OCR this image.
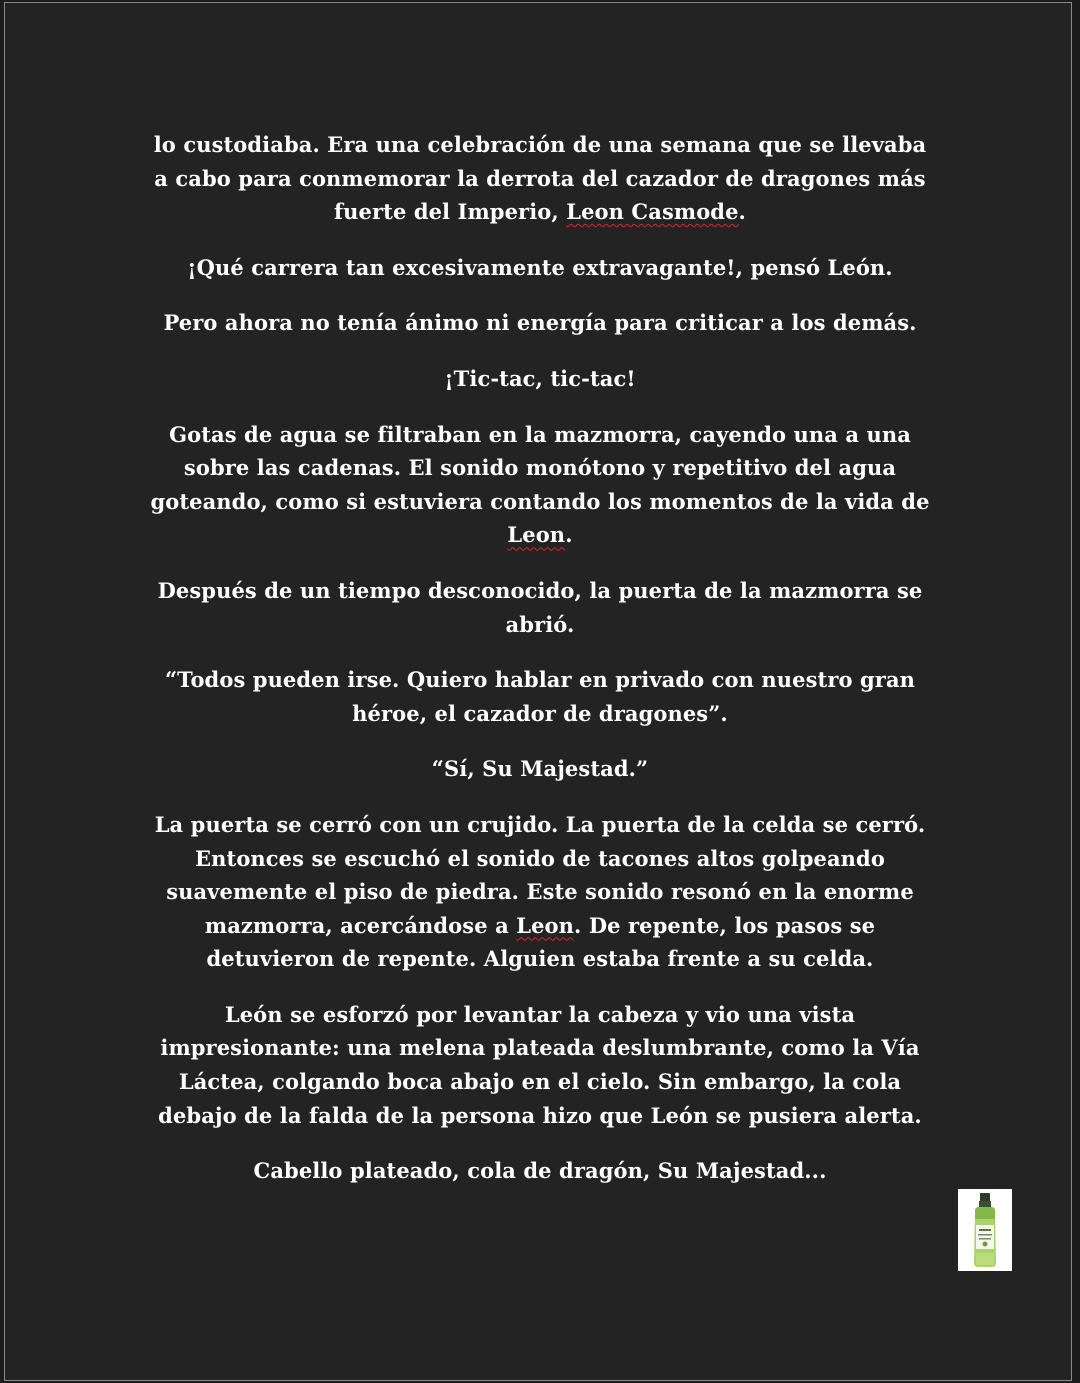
lo custodiaba. Era una celebración de una semana que se llevaba a cabo para conmemorar la derrota del cazador de dragones más fuerte del Imperio, Leon Casmode.

¡Qué carrera tan excesivamente extravagante!, pensó León.

Pero ahora no tenía ánimo ni energía para criticar a los demás.

¡Tic-tac, tic-tac!

Gotas de agua se filtraban en la mazmorra, cayendo una a una sobre las cadenas. El sonido monótono y repetitivo del agua goteando, como si estuviera contando los momentos de la vida de Leon.

Después de un tiempo desconocido, la puerta de la mazmorra se abrió.

“Todos pueden irse. Quiero hablar en privado con nuestro gran héroe, el cazador de dragones”.

“Sí, Su Majestad.”

La puerta se cerró con un crujido. La puerta de la celda se cerró. Entonces se escuchó el sonido de tacones altos golpeando suavemente el piso de piedra. Este sonido resonó en la enorme mazmorra, acercándose a Leon. De repente, los pasos se detuvieron de repente. Alguien estaba frente a su celda.

León se esforzó por levantar la cabeza y vio una vista impresionante: una melena plateada deslumbrante, como la Vía Láctea, colgando boca abajo en el cielo. Sin embargo, la cola debajo de la falda de la persona hizo que León se pusiera alerta.

Cabello plateado, cola de dragón, Su Majestad...
